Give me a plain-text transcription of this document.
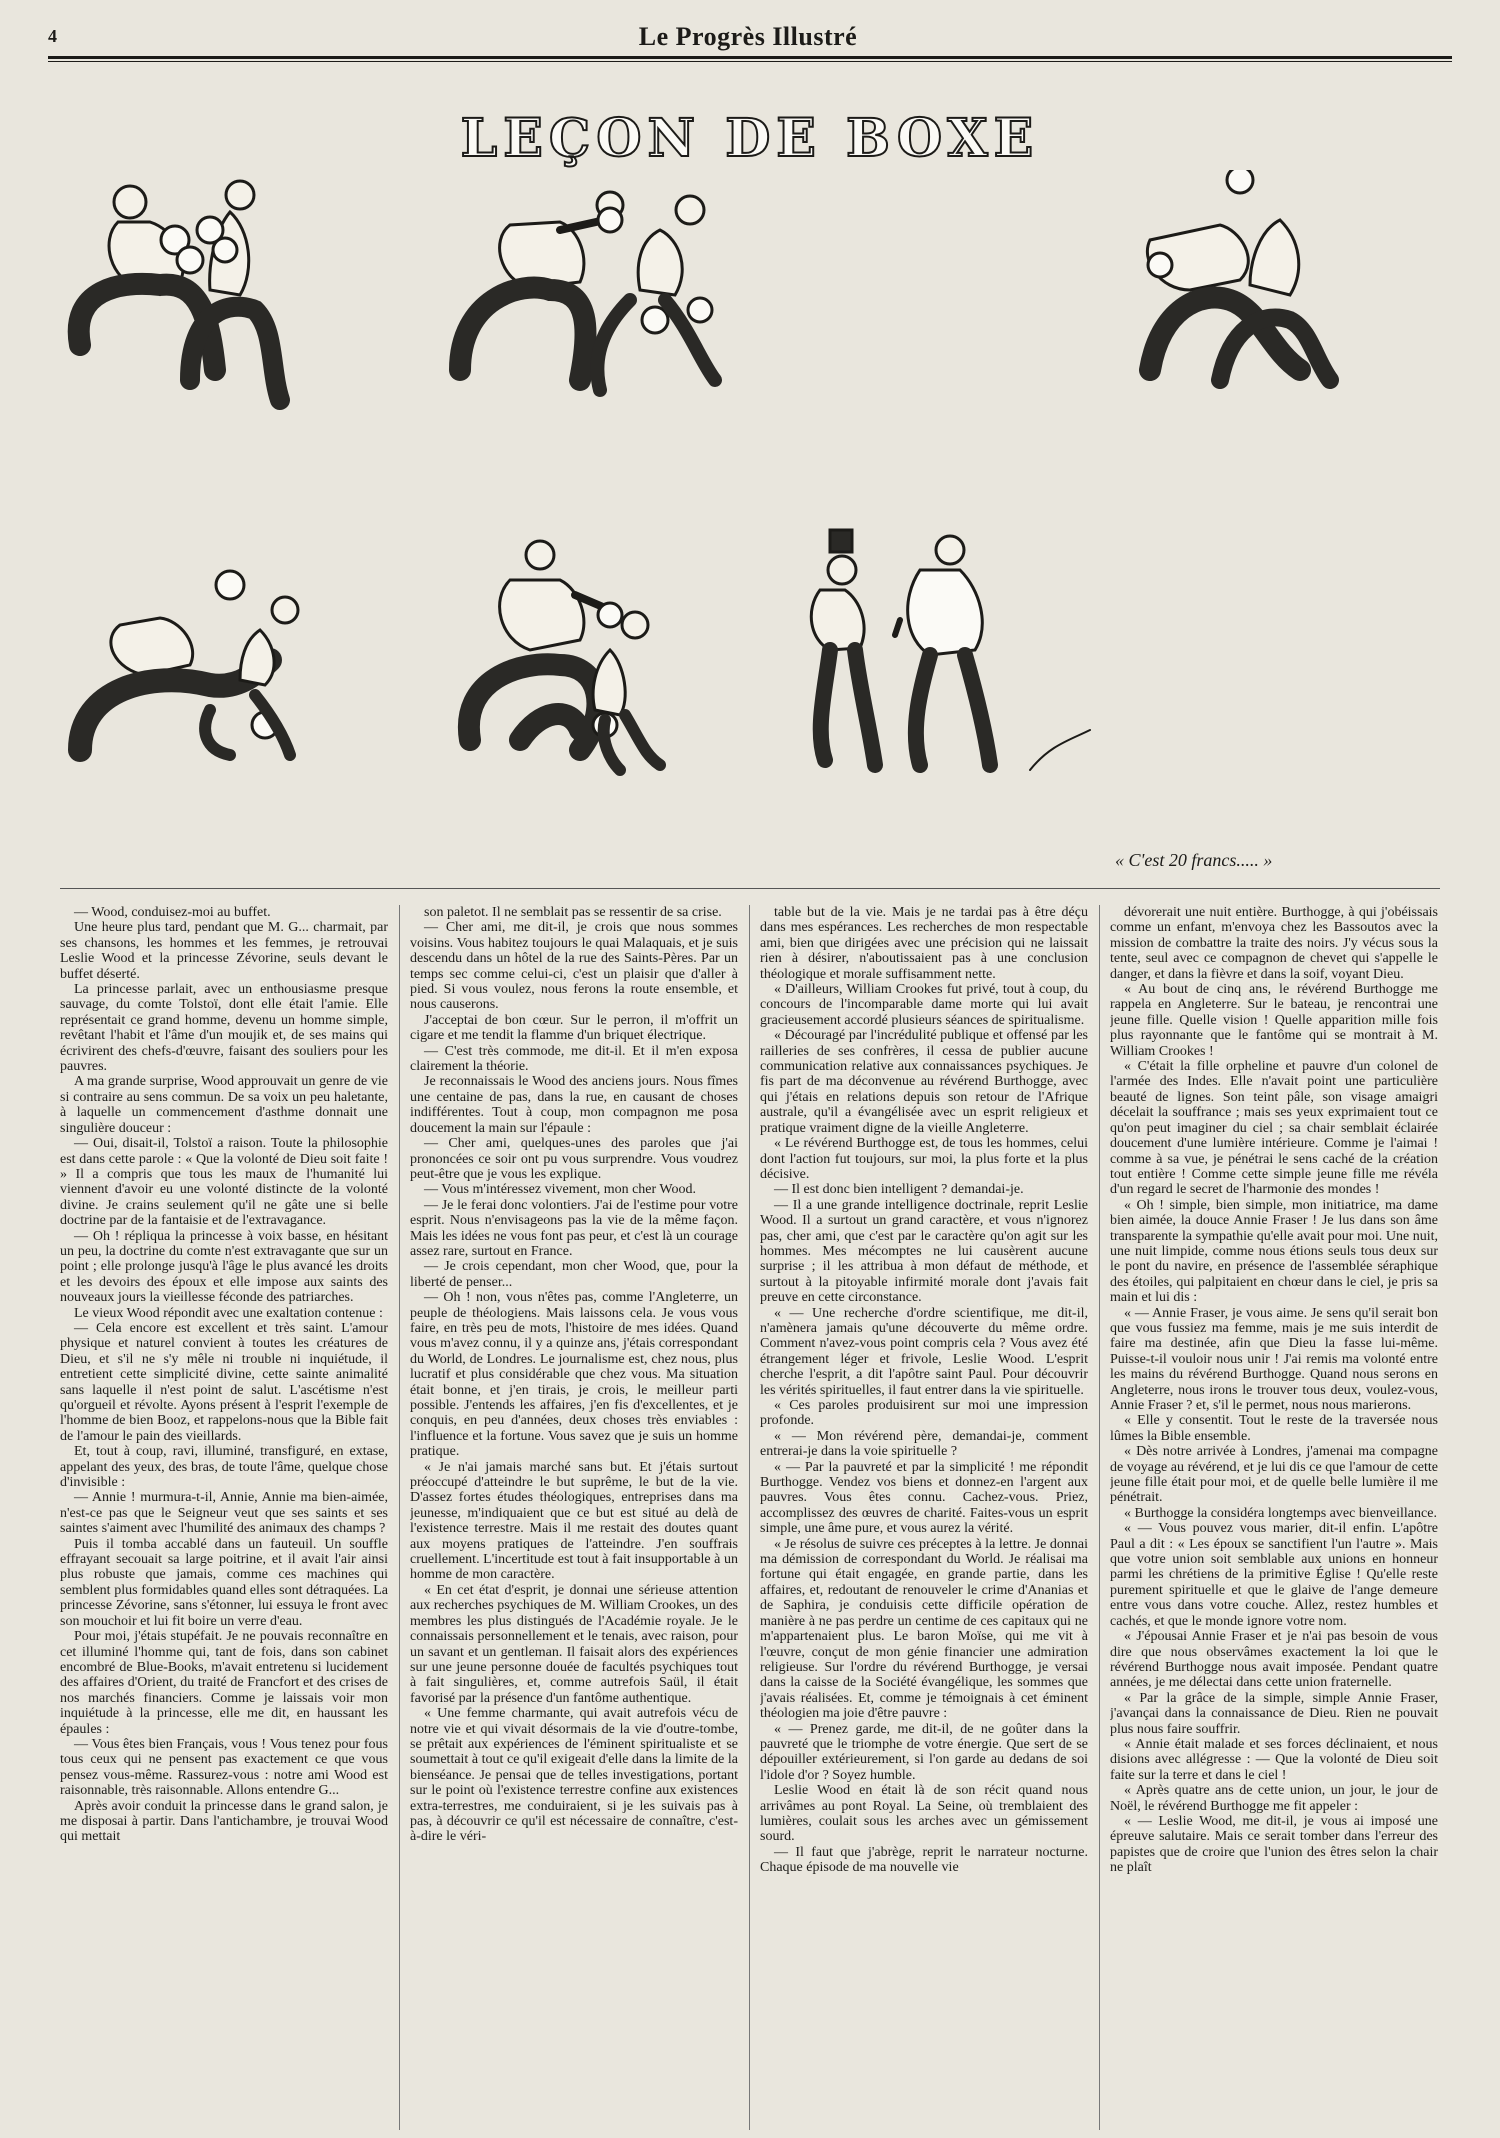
4	Le Progrès Illustré
LEÇON DE BOXE
« C'est 20 francs..... »

— Wood, conduisez-moi au buffet.

Une heure plus tard, pendant que M. G... charmait, par ses chansons, les hommes et les femmes, je retrouvai Leslie Wood et la princesse Zévorine, seuls devant le buffet déserté.

La princesse parlait, avec un enthousiasme presque sauvage, du comte Tolstoï, dont elle était l'amie. Elle représentait ce grand homme, devenu un homme simple, revêtant l'habit et l'âme d'un moujik et, de ses mains qui écrivirent des chefs-d'œuvre, faisant des souliers pour les pauvres.

A ma grande surprise, Wood approuvait un genre de vie si contraire au sens commun. De sa voix un peu haletante, à laquelle un commencement d'asthme donnait une singulière douceur :

— Oui, disait-il, Tolstoï a raison. Toute la philosophie est dans cette parole : « Que la volonté de Dieu soit faite ! » Il a compris que tous les maux de l'humanité lui viennent d'avoir eu une volonté distincte de la volonté divine. Je crains seulement qu'il ne gâte une si belle doctrine par de la fantaisie et de l'extravagance.

— Oh ! répliqua la princesse à voix basse, en hésitant un peu, la doctrine du comte n'est extravagante que sur un point ; elle prolonge jusqu'à l'âge le plus avancé les droits et les devoirs des époux et elle impose aux saints des nouveaux jours la vieillesse féconde des patriarches.

Le vieux Wood répondit avec une exaltation contenue :

— Cela encore est excellent et très saint. L'amour physique et naturel convient à toutes les créatures de Dieu, et s'il ne s'y mêle ni trouble ni inquiétude, il entretient cette simplicité divine, cette sainte animalité sans laquelle il n'est point de salut. L'ascétisme n'est qu'orgueil et révolte. Ayons présent à l'esprit l'exemple de l'homme de bien Booz, et rappelons-nous que la Bible fait de l'amour le pain des vieillards.

Et, tout à coup, ravi, illuminé, transfiguré, en extase, appelant des yeux, des bras, de toute l'âme, quelque chose d'invisible :

— Annie ! murmura-t-il, Annie, Annie ma bien-aimée, n'est-ce pas que le Seigneur veut que ses saints et ses saintes s'aiment avec l'humilité des animaux des champs ?

Puis il tomba accablé dans un fauteuil. Un souffle effrayant secouait sa large poitrine, et il avait l'air ainsi plus robuste que jamais, comme ces machines qui semblent plus formidables quand elles sont détraquées. La princesse Zévorine, sans s'étonner, lui essuya le front avec son mouchoir et lui fit boire un verre d'eau.

Pour moi, j'étais stupéfait. Je ne pouvais reconnaître en cet illuminé l'homme qui, tant de fois, dans son cabinet encombré de Blue-Books, m'avait entretenu si lucidement des affaires d'Orient, du traité de Francfort et des crises de nos marchés financiers. Comme je laissais voir mon inquiétude à la princesse, elle me dit, en haussant les épaules :

— Vous êtes bien Français, vous ! Vous tenez pour fous tous ceux qui ne pensent pas exactement ce que vous pensez vous-même. Rassurez-vous : notre ami Wood est raisonnable, très raisonnable. Allons entendre G...

Après avoir conduit la princesse dans le grand salon, je me disposai à partir. Dans l'antichambre, je trouvai Wood qui mettait

son paletot. Il ne semblait pas se ressentir de sa crise.

— Cher ami, me dit-il, je crois que nous sommes voisins. Vous habitez toujours le quai Malaquais, et je suis descendu dans un hôtel de la rue des Saints-Pères. Par un temps sec comme celui-ci, c'est un plaisir que d'aller à pied. Si vous voulez, nous ferons la route ensemble, et nous causerons.

J'acceptai de bon cœur. Sur le perron, il m'offrit un cigare et me tendit la flamme d'un briquet électrique.

— C'est très commode, me dit-il. Et il m'en exposa clairement la théorie.

Je reconnaissais le Wood des anciens jours. Nous fîmes une centaine de pas, dans la rue, en causant de choses indifférentes. Tout à coup, mon compagnon me posa doucement la main sur l'épaule :

— Cher ami, quelques-unes des paroles que j'ai prononcées ce soir ont pu vous surprendre. Vous voudrez peut-être que je vous les explique.

— Vous m'intéressez vivement, mon cher Wood.

— Je le ferai donc volontiers. J'ai de l'estime pour votre esprit. Nous n'envisageons pas la vie de la même façon. Mais les idées ne vous font pas peur, et c'est là un courage assez rare, surtout en France.

— Je crois cependant, mon cher Wood, que, pour la liberté de penser...

— Oh ! non, vous n'êtes pas, comme l'Angleterre, un peuple de théologiens. Mais laissons cela. Je vous vous faire, en très peu de mots, l'histoire de mes idées. Quand vous m'avez connu, il y a quinze ans, j'étais correspondant du World, de Londres. Le journalisme est, chez nous, plus lucratif et plus considérable que chez vous. Ma situation était bonne, et j'en tirais, je crois, le meilleur parti possible. J'entends les affaires, j'en fis d'excellentes, et je conquis, en peu d'années, deux choses très enviables : l'influence et la fortune. Vous savez que je suis un homme pratique.

« Je n'ai jamais marché sans but. Et j'étais surtout préoccupé d'atteindre le but suprême, le but de la vie. D'assez fortes études théologiques, entreprises dans ma jeunesse, m'indiquaient que ce but est situé au delà de l'existence terrestre. Mais il me restait des doutes quant aux moyens pratiques de l'atteindre. J'en souffrais cruellement. L'incertitude est tout à fait insupportable à un homme de mon caractère.

« En cet état d'esprit, je donnai une sérieuse attention aux recherches psychiques de M. William Crookes, un des membres les plus distingués de l'Académie royale. Je le connaissais personnellement et le tenais, avec raison, pour un savant et un gentleman. Il faisait alors des expériences sur une jeune personne douée de facultés psychiques tout à fait singulières, et, comme autrefois Saül, il était favorisé par la présence d'un fantôme authentique.

« Une femme charmante, qui avait autrefois vécu de notre vie et qui vivait désormais de la vie d'outre-tombe, se prêtait aux expériences de l'éminent spiritualiste et se soumettait à tout ce qu'il exigeait d'elle dans la limite de la bienséance. Je pensai que de telles investigations, portant sur le point où l'existence terrestre confine aux existences extra-terrestres, me conduiraient, si je les suivais pas à pas, à découvrir ce qu'il est nécessaire de connaître, c'est-à-dire le véri-

table but de la vie. Mais je ne tardai pas à être déçu dans mes espérances. Les recherches de mon respectable ami, bien que dirigées avec une précision qui ne laissait rien à désirer, n'aboutissaient pas à une conclusion théologique et morale suffisamment nette.

« D'ailleurs, William Crookes fut privé, tout à coup, du concours de l'incomparable dame morte qui lui avait gracieusement accordé plusieurs séances de spiritualisme.

« Découragé par l'incrédulité publique et offensé par les railleries de ses confrères, il cessa de publier aucune communication relative aux connaissances psychiques. Je fis part de ma déconvenue au révérend Burthogge, avec qui j'étais en relations depuis son retour de l'Afrique australe, qu'il a évangélisée avec un esprit religieux et pratique vraiment digne de la vieille Angleterre.

« Le révérend Burthogge est, de tous les hommes, celui dont l'action fut toujours, sur moi, la plus forte et la plus décisive.

— Il est donc bien intelligent ? demandai-je.

— Il a une grande intelligence doctrinale, reprit Leslie Wood. Il a surtout un grand caractère, et vous n'ignorez pas, cher ami, que c'est par le caractère qu'on agit sur les hommes. Mes mécomptes ne lui causèrent aucune surprise ; il les attribua à mon défaut de méthode, et surtout à la pitoyable infirmité morale dont j'avais fait preuve en cette circonstance.

« — Une recherche d'ordre scientifique, me dit-il, n'amènera jamais qu'une découverte du même ordre. Comment n'avez-vous point compris cela ? Vous avez été étrangement léger et frivole, Leslie Wood. L'esprit cherche l'esprit, a dit l'apôtre saint Paul. Pour découvrir les vérités spirituelles, il faut entrer dans la vie spirituelle.

« Ces paroles produisirent sur moi une impression profonde.

« — Mon révérend père, demandai-je, comment entrerai-je dans la voie spirituelle ?

« — Par la pauvreté et par la simplicité ! me répondit Burthogge. Vendez vos biens et donnez-en l'argent aux pauvres. Vous êtes connu. Cachez-vous. Priez, accomplissez des œuvres de charité. Faites-vous un esprit simple, une âme pure, et vous aurez la vérité.

« Je résolus de suivre ces préceptes à la lettre. Je donnai ma démission de correspondant du World. Je réalisai ma fortune qui était engagée, en grande partie, dans les affaires, et, redoutant de renouveler le crime d'Ananias et de Saphira, je conduisis cette difficile opération de manière à ne pas perdre un centime de ces capitaux qui ne m'appartenaient plus. Le baron Moïse, qui me vit à l'œuvre, conçut de mon génie financier une admiration religieuse. Sur l'ordre du révérend Burthogge, je versai dans la caisse de la Société évangélique, les sommes que j'avais réalisées. Et, comme je témoignais à cet éminent théologien ma joie d'être pauvre :

« — Prenez garde, me dit-il, de ne goûter dans la pauvreté que le triomphe de votre énergie. Que sert de se dépouiller extérieurement, si l'on garde au dedans de soi l'idole d'or ? Soyez humble.

Leslie Wood en était là de son récit quand nous arrivâmes au pont Royal. La Seine, où tremblaient des lumières, coulait sous les arches avec un gémissement sourd.

— Il faut que j'abrège, reprit le narrateur nocturne. Chaque épisode de ma nouvelle vie

dévorerait une nuit entière. Burthogge, à qui j'obéissais comme un enfant, m'envoya chez les Bassoutos avec la mission de combattre la traite des noirs. J'y vécus sous la tente, seul avec ce compagnon de chevet qui s'appelle le danger, et dans la fièvre et dans la soif, voyant Dieu.

« Au bout de cinq ans, le révérend Burthogge me rappela en Angleterre. Sur le bateau, je rencontrai une jeune fille. Quelle vision ! Quelle apparition mille fois plus rayonnante que le fantôme qui se montrait à M. William Crookes !

« C'était la fille orpheline et pauvre d'un colonel de l'armée des Indes. Elle n'avait point une particulière beauté de lignes. Son teint pâle, son visage amaigri décelait la souffrance ; mais ses yeux exprimaient tout ce qu'on peut imaginer du ciel ; sa chair semblait éclairée doucement d'une lumière intérieure. Comme je l'aimai ! comme à sa vue, je pénétrai le sens caché de la création tout entière ! Comme cette simple jeune fille me révéla d'un regard le secret de l'harmonie des mondes !

« Oh ! simple, bien simple, mon initiatrice, ma dame bien aimée, la douce Annie Fraser ! Je lus dans son âme transparente la sympathie qu'elle avait pour moi. Une nuit, une nuit limpide, comme nous étions seuls tous deux sur le pont du navire, en présence de l'assemblée séraphique des étoiles, qui palpitaient en chœur dans le ciel, je pris sa main et lui dis :

« — Annie Fraser, je vous aime. Je sens qu'il serait bon que vous fussiez ma femme, mais je me suis interdit de faire ma destinée, afin que Dieu la fasse lui-même. Puisse-t-il vouloir nous unir ! J'ai remis ma volonté entre les mains du révérend Burthogge. Quand nous serons en Angleterre, nous irons le trouver tous deux, voulez-vous, Annie Fraser ? et, s'il le permet, nous nous marierons.

« Elle y consentit. Tout le reste de la traversée nous lûmes la Bible ensemble.

« Dès notre arrivée à Londres, j'amenai ma compagne de voyage au révérend, et je lui dis ce que l'amour de cette jeune fille était pour moi, et de quelle belle lumière il me pénétrait.

« Burthogge la considéra longtemps avec bienveillance.

« — Vous pouvez vous marier, dit-il enfin. L'apôtre Paul a dit : « Les époux se sanctifient l'un l'autre ». Mais que votre union soit semblable aux unions en honneur parmi les chrétiens de la primitive Église ! Qu'elle reste purement spirituelle et que le glaive de l'ange demeure entre vous dans votre couche. Allez, restez humbles et cachés, et que le monde ignore votre nom.

« J'épousai Annie Fraser et je n'ai pas besoin de vous dire que nous observâmes exactement la loi que le révérend Burthogge nous avait imposée. Pendant quatre années, je me délectai dans cette union fraternelle.

« Par la grâce de la simple, simple Annie Fraser, j'avançai dans la connaissance de Dieu. Rien ne pouvait plus nous faire souffrir.

« Annie était malade et ses forces déclinaient, et nous disions avec allégresse : — Que la volonté de Dieu soit faite sur la terre et dans le ciel !

« Après quatre ans de cette union, un jour, le jour de Noël, le révérend Burthogge me fit appeler :

« — Leslie Wood, me dit-il, je vous ai imposé une épreuve salutaire. Mais ce serait tomber dans l'erreur des papistes que de croire que l'union des êtres selon la chair ne plaît
